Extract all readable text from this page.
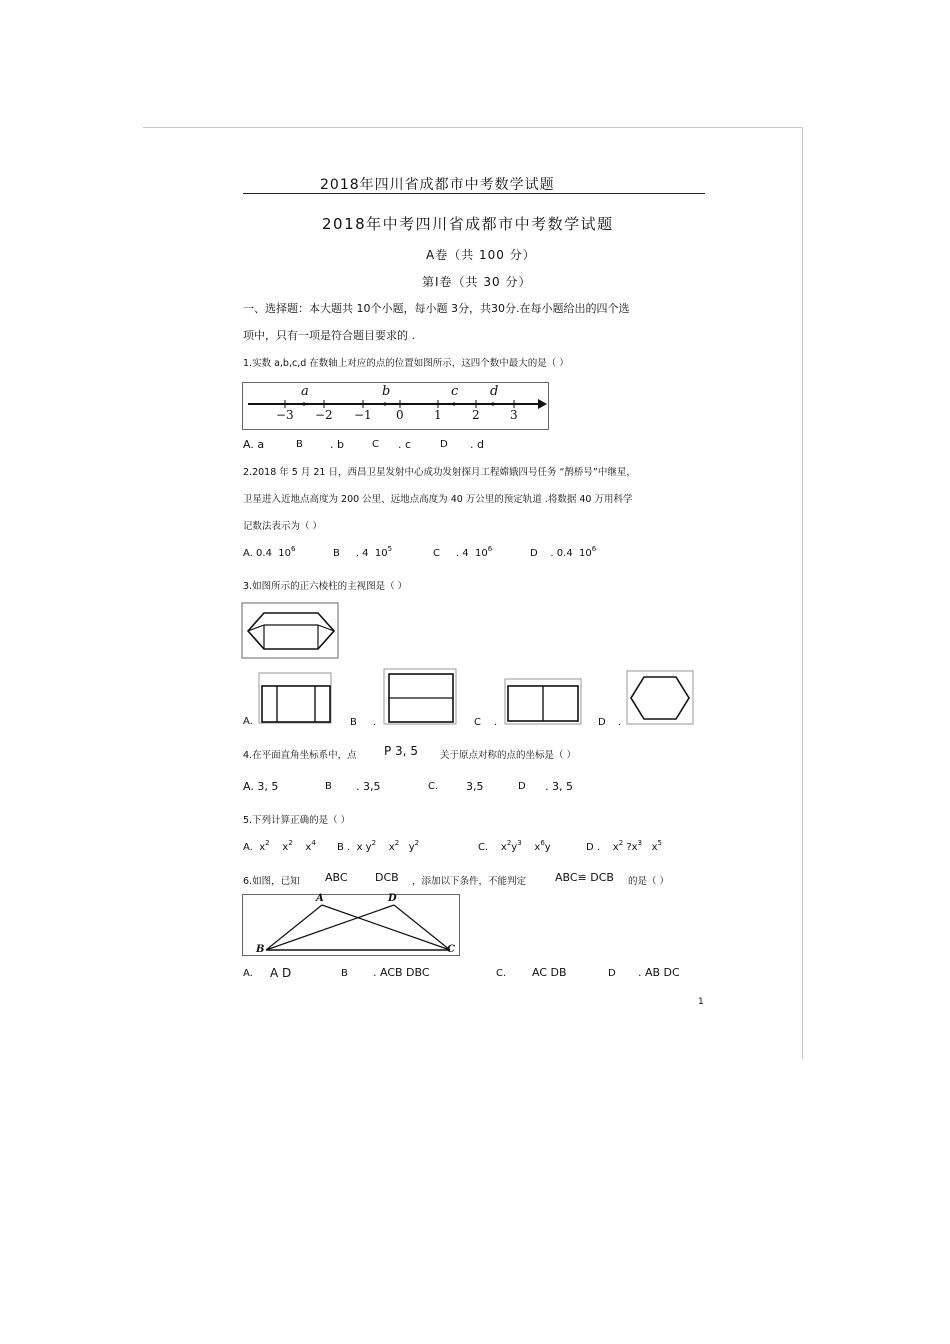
2018年四川省成都市中考数学试题
2018年中考四川省成都市中考数学试题
A卷（共 100 分）
第Ⅰ卷（共 30 分）
一、选择题：本大题共 10个小题，每小题 3分，共30分.在每小题给出的四个选
项中，只有一项是符合题目要求的 .
1.实数 a,b,c,d 在数轴上对应的点的位置如图所示，这四个数中最大的是（ ）
a	b	c d
−3 −2 −1 0	1	2	3
A. a	B . b	C . c	D . d
2.2018 年 5 月 21 日，西昌卫星发射中心成功发射探月工程嫦娥四号任务 “鹊桥号”中继星，
卫星进入近地点高度为 200 公里、远地点高度为 40 万公里的预定轨道 .将数据 40 万用科学
记数法表示为（ ）
A. 0.4 $10^6$	B . 4 $10^5$	C . 4 $10^6$	D . 0.4 $10^6$
3.如图所示的正六棱柱的主视图是（ ）
A.	B .	C .	D .
4.在平面直角坐标系中，点 P 3, 5 关于原点对称的点的坐标是（ ）
A. 3, 5	B . 3,5	C.	3,5	D . 3, 5
5.下列计算正确的是（ ）
A. $x^2$ $x^2$ $x^4$ B . x $y^2$ $x^2$ $y^2$	C. $x^2y^3$ $x^6y$	D . $x^2$ $?x^3$ $x^5$
6.如图，已知 ABC DCB ，添加以下条件，不能判定	ABC≌ DCB 的是（ ）
A	D
B	C
A. A D	B . ACB DBC	C. AC DB	D . AB DC
1
